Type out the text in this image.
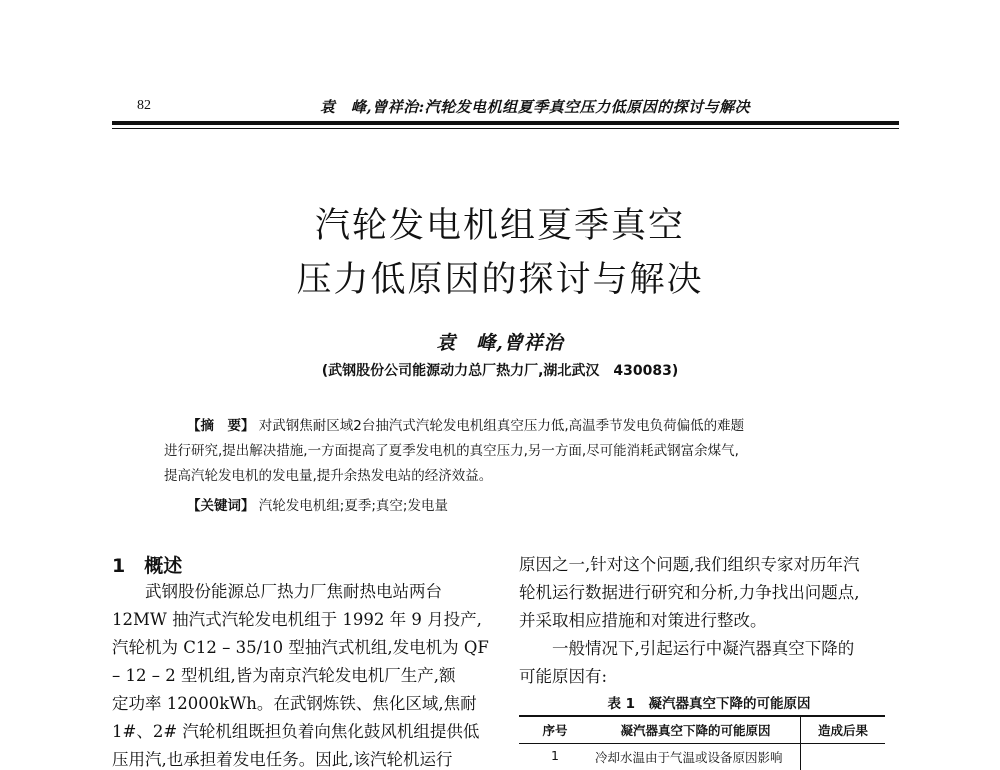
82	袁　峰,曾祥治:汽轮发电机组夏季真空压力低原因的探讨与解决
汽轮发电机组夏季真空
压力低原因的探讨与解决
袁　峰,曾祥治
(武钢股份公司能源动力总厂热力厂,湖北武汉　430083)
【摘　要】 对武钢焦耐区域2台抽汽式汽轮发电机组真空压力低,高温季节发电负荷偏低的难题
进行研究,提出解决措施,一方面提高了夏季发电机的真空压力,另一方面,尽可能消耗武钢富余煤气,
提高汽轮发电机的发电量,提升余热发电站的经济效益。
【关键词】 汽轮发电机组;夏季;真空;发电量
1　概述
　　武钢股份能源总厂热力厂焦耐热电站两台
12MW 抽汽式汽轮发电机组于 1992 年 9 月投产,
汽轮机为 C12 – 35/10 型抽汽式机组,发电机为 QF
– 12 – 2 型机组,皆为南京汽轮发电机厂生产,额
定功率 12000kWh。在武钢炼铁、焦化区域,焦耐
1#、2# 汽轮机组既担负着向焦化鼓风机组提供低
压用汽,也承担着发电任务。因此,该汽轮机运行
原因之一,针对这个问题,我们组织专家对历年汽
轮机运行数据进行研究和分析,力争找出问题点,
并采取相应措施和对策进行整改。
　　一般情况下,引起运行中凝汽器真空下降的
可能原因有:
表 1　凝汽器真空下降的可能原因
序号	凝汽器真空下降的可能原因	造成后果
1	冷却水温由于气温或设备原因影响	
